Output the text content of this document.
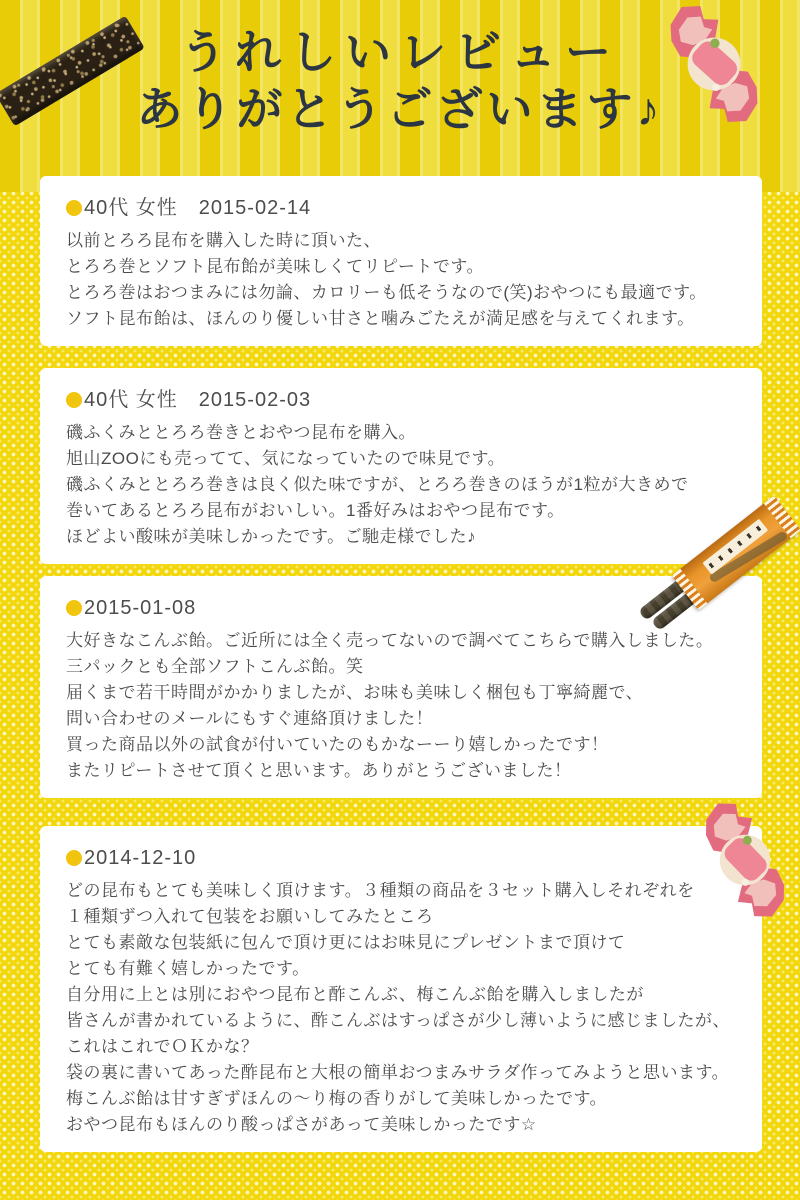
うれしいレビュー
ありがとうございます♪
40代 女性　2015-02-14
以前とろろ昆布を購入した時に頂いた、
とろろ巻とソフト昆布飴が美味しくてリピートです。
とろろ巻はおつまみには勿論、カロリーも低そうなので(笑)おやつにも最適です。
ソフト昆布飴は、ほんのり優しい甘さと噛みごたえが満足感を与えてくれます。
40代 女性　2015-02-03
磯ふくみととろろ巻きとおやつ昆布を購入。
旭山ZOOにも売ってて、気になっていたので味見です。
磯ふくみととろろ巻きは良く似た味ですが、とろろ巻きのほうが1粒が大きめで
巻いてあるとろろ昆布がおいしい。1番好みはおやつ昆布です。
ほどよい酸味が美味しかったです。ご馳走様でした♪
2015-01-08
大好きなこんぶ飴。ご近所には全く売ってないので調べてこちらで購入しました。
三パックとも全部ソフトこんぶ飴。笑
届くまで若干時間がかかりましたが、お味も美味しく梱包も丁寧綺麗で、
問い合わせのメールにもすぐ連絡頂けました！
買った商品以外の試食が付いていたのもかなーーり嬉しかったです！
またリピートさせて頂くと思います。ありがとうございました！
2014-12-10
どの昆布もとても美味しく頂けます。３種類の商品を３セット購入しそれぞれを
１種類ずつ入れて包装をお願いしてみたところ
とても素敵な包装紙に包んで頂け更にはお味見にプレゼントまで頂けて
とても有難く嬉しかったです。
自分用に上とは別におやつ昆布と酢こんぶ、梅こんぶ飴を購入しましたが
皆さんが書かれているように、酢こんぶはすっぱさが少し薄いように感じましたが、
これはこれでＯＫかな？
袋の裏に書いてあった酢昆布と大根の簡単おつまみサラダ作ってみようと思います。
梅こんぶ飴は甘すぎずほんの～り梅の香りがして美味しかったです。
おやつ昆布もほんのり酸っぱさがあって美味しかったです☆
